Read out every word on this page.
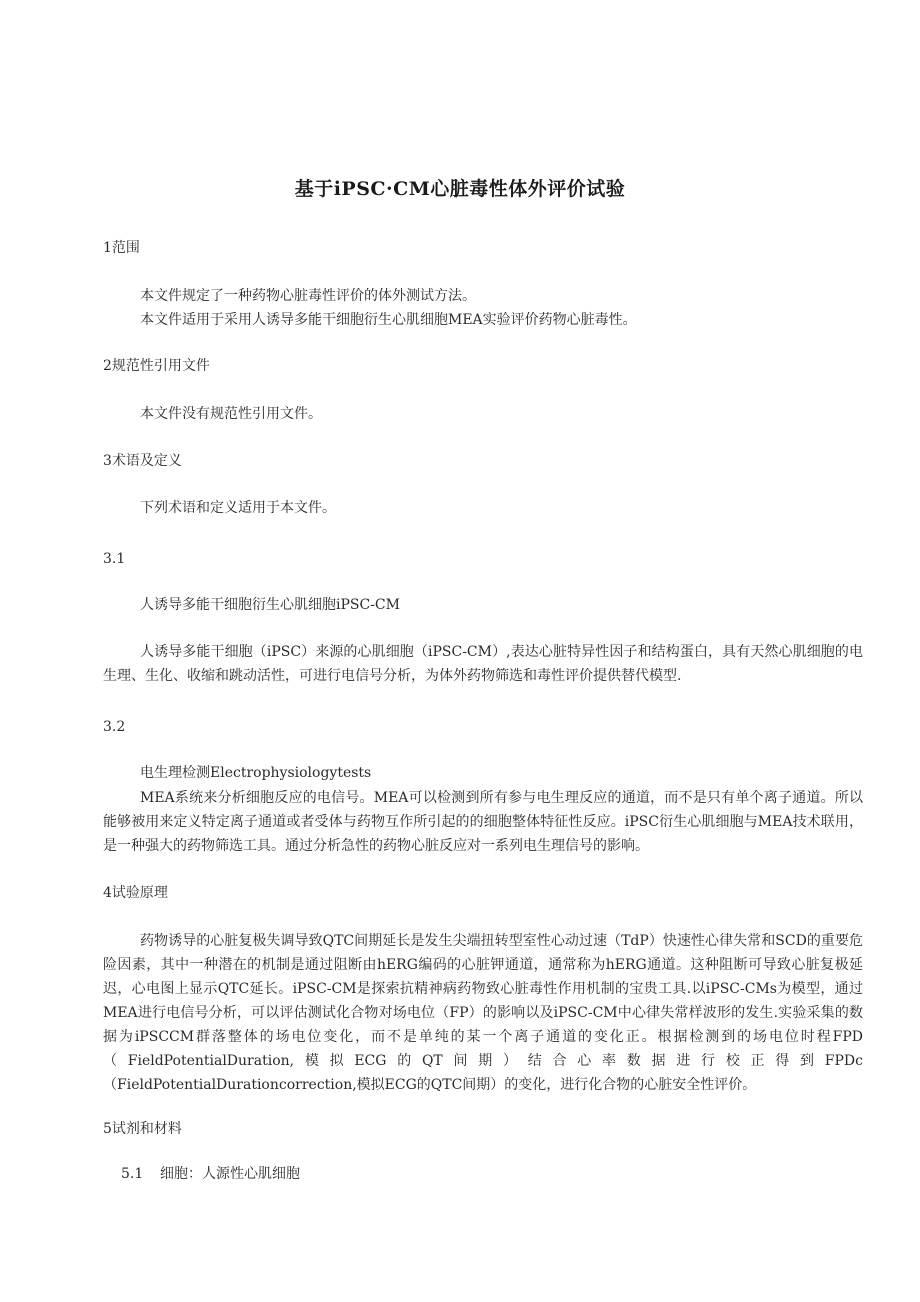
基于iPSC·CM心脏毒性体外评价试验
1范围

本文件规定了一种药物心脏毒性评价的体外测试方法。

本文件适用于采用人诱导多能干细胞衍生心肌细胞MEA实验评价药物心脏毒性。

2规范性引用文件

本文件没有规范性引用文件。

3术语及定义

下列术语和定义适用于本文件。

3.1
人诱导多能干细胞衍生心肌细胞iPSC-CM

人诱导多能干细胞（iPSC）来源的心肌细胞（iPSC-CM）,表达心脏特异性因子和结构蛋白，具有天然心肌细胞的电生理、生化、收缩和跳动活性，可进行电信号分析，为体外药物筛选和毒性评价提供替代模型.

3.2
电生理检测Electrophysiologytests

MEA系统来分析细胞反应的电信号。MEA可以检测到所有参与电生理反应的通道，而不是只有单个离子通道。所以能够被用来定义特定离子通道或者受体与药物互作所引起的的细胞整体特征性反应。iPSC衍生心肌细胞与MEA技术联用，是一种强大的药物筛选工具。通过分析急性的药物心脏反应对一系列电生理信号的影响。

4试验原理

药物诱导的心脏复极失调导致QTC间期延长是发生尖端扭转型室性心动过速（TdP）快速性心律失常和SCD的重要危险因素，其中一种潜在的机制是通过阻断由hERG编码的心脏钾通道，通常称为hERG通道。这种阻断可导致心脏复极延迟，心电图上显示QTC延长。iPSC-CM是探索抗精神病药物致心脏毒性作用机制的宝贵工具.以iPSC-CMs为模型，通过MEA进行电信号分析，可以评估测试化合物对场电位（FP）的影响以及iPSC-CM中心律失常样波形的发生.实验采集的数据为iPSCCM群落整体的场电位变化，而不是单纯的某一个离子通道的变化正。根据检测到的场电位时程FPD（FieldPotentialDuration,模拟ECG的QT间期）结合心率数据进行校正得到FPDc（FieldPotentialDurationcorrection,模拟ECG的QTC间期）的变化，进行化合物的心脏安全性评价。

5试剂和材料
5.1 细胞：人源性心肌细胞
